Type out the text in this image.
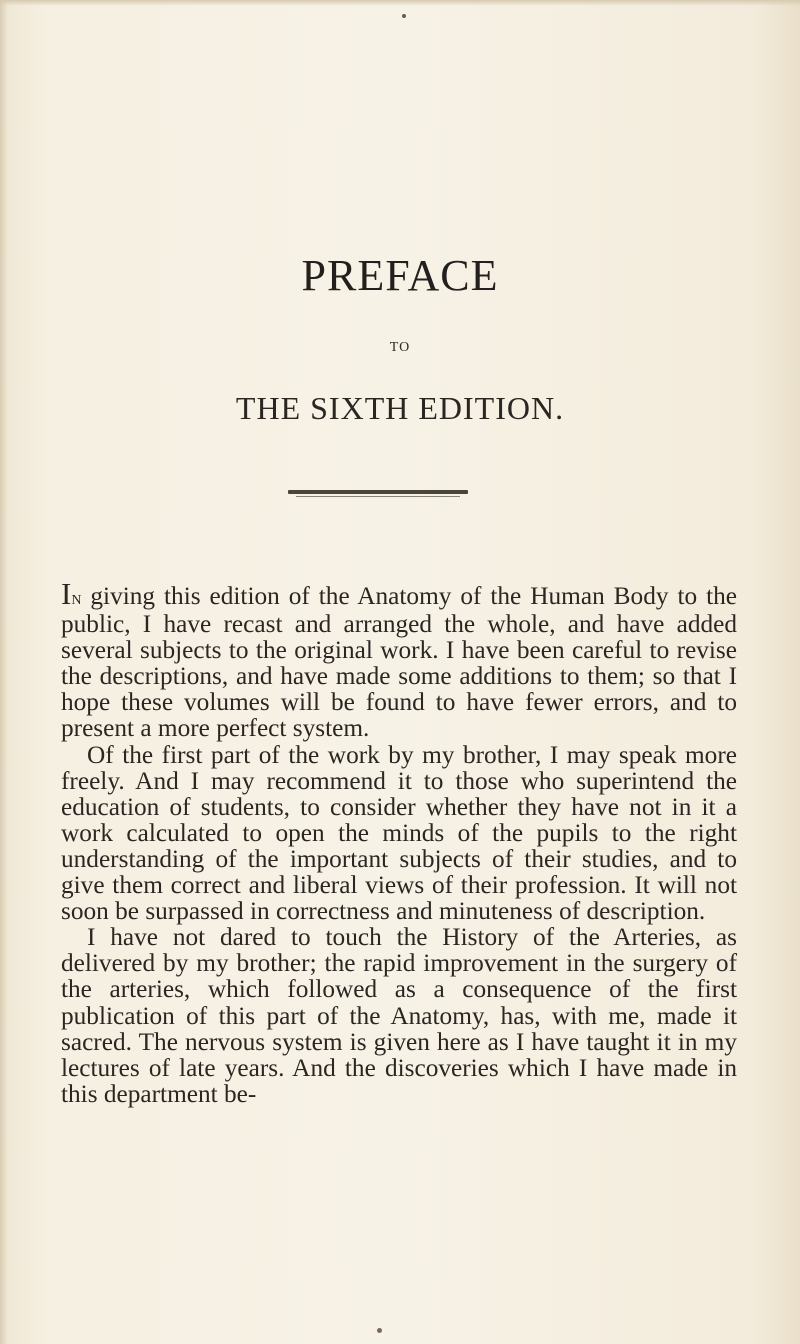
PREFACE
TO
THE SIXTH EDITION.

In giving this edition of the Anatomy of the Human Body to the public, I have recast and arranged the whole, and have added several subjects to the original work. I have been careful to revise the descriptions, and have made some additions to them; so that I hope these volumes will be found to have fewer errors, and to present a more perfect system.

Of the first part of the work by my brother, I may speak more freely. And I may recommend it to those who superintend the education of students, to consider whether they have not in it a work calculated to open the minds of the pupils to the right understanding of the important subjects of their studies, and to give them correct and liberal views of their profession. It will not soon be surpassed in correctness and minuteness of description.

I have not dared to touch the History of the Arteries, as delivered by my brother; the rapid improvement in the surgery of the arteries, which followed as a consequence of the first publication of this part of the Anatomy, has, with me, made it sacred. The nervous system is given here as I have taught it in my lectures of late years. And the discoveries which I have made in this department be-
